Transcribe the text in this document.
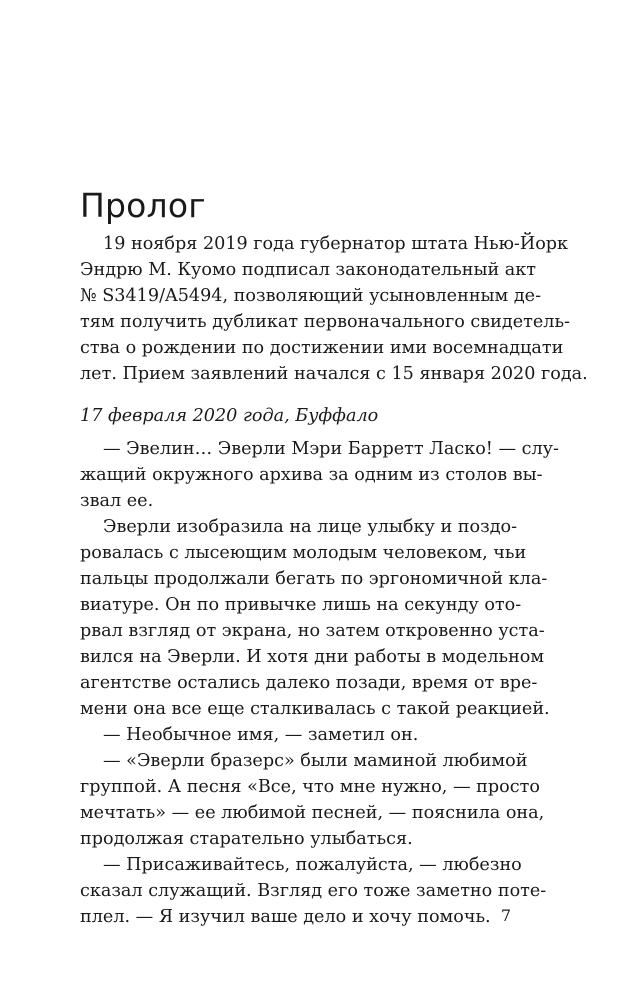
Пролог
19 ноября 2019 года губернатор штата Нью-Йорк
Эндрю М. Куомо подписал законодательный акт
№ S3419/A5494, позволяющий усыновленным де-
тям получить дубликат первоначального свидетель-
ства о рождении по достижении ими восемнадцати
лет. Прием заявлений начался с 15 января 2020 года.
17 февраля 2020 года, Буффало
— Эвелин… Эверли Мэри Барретт Ласко! — слу-
жащий окружного архива за одним из столов вы-
звал ее.
Эверли изобразила на лице улыбку и поздо-
ровалась с лысеющим молодым человеком, чьи
пальцы продолжали бегать по эргономичной кла-
виатуре. Он по привычке лишь на секунду ото-
рвал взгляд от экрана, но затем откровенно уста-
вился на Эверли. И хотя дни работы в модельном
агентстве остались далеко позади, время от вре-
мени она все еще сталкивалась с такой реакцией.
— Необычное имя, — заметил он.
— «Эверли бразерс» были маминой любимой
группой. А песня «Все, что мне нужно, — просто
мечтать» — ее любимой песней, — пояснила она,
продолжая старательно улыбаться.
— Присаживайтесь, пожалуйста, — любезно
сказал служащий. Взгляд его тоже заметно поте-
плел. — Я изучил ваше дело и хочу помочь. 7
